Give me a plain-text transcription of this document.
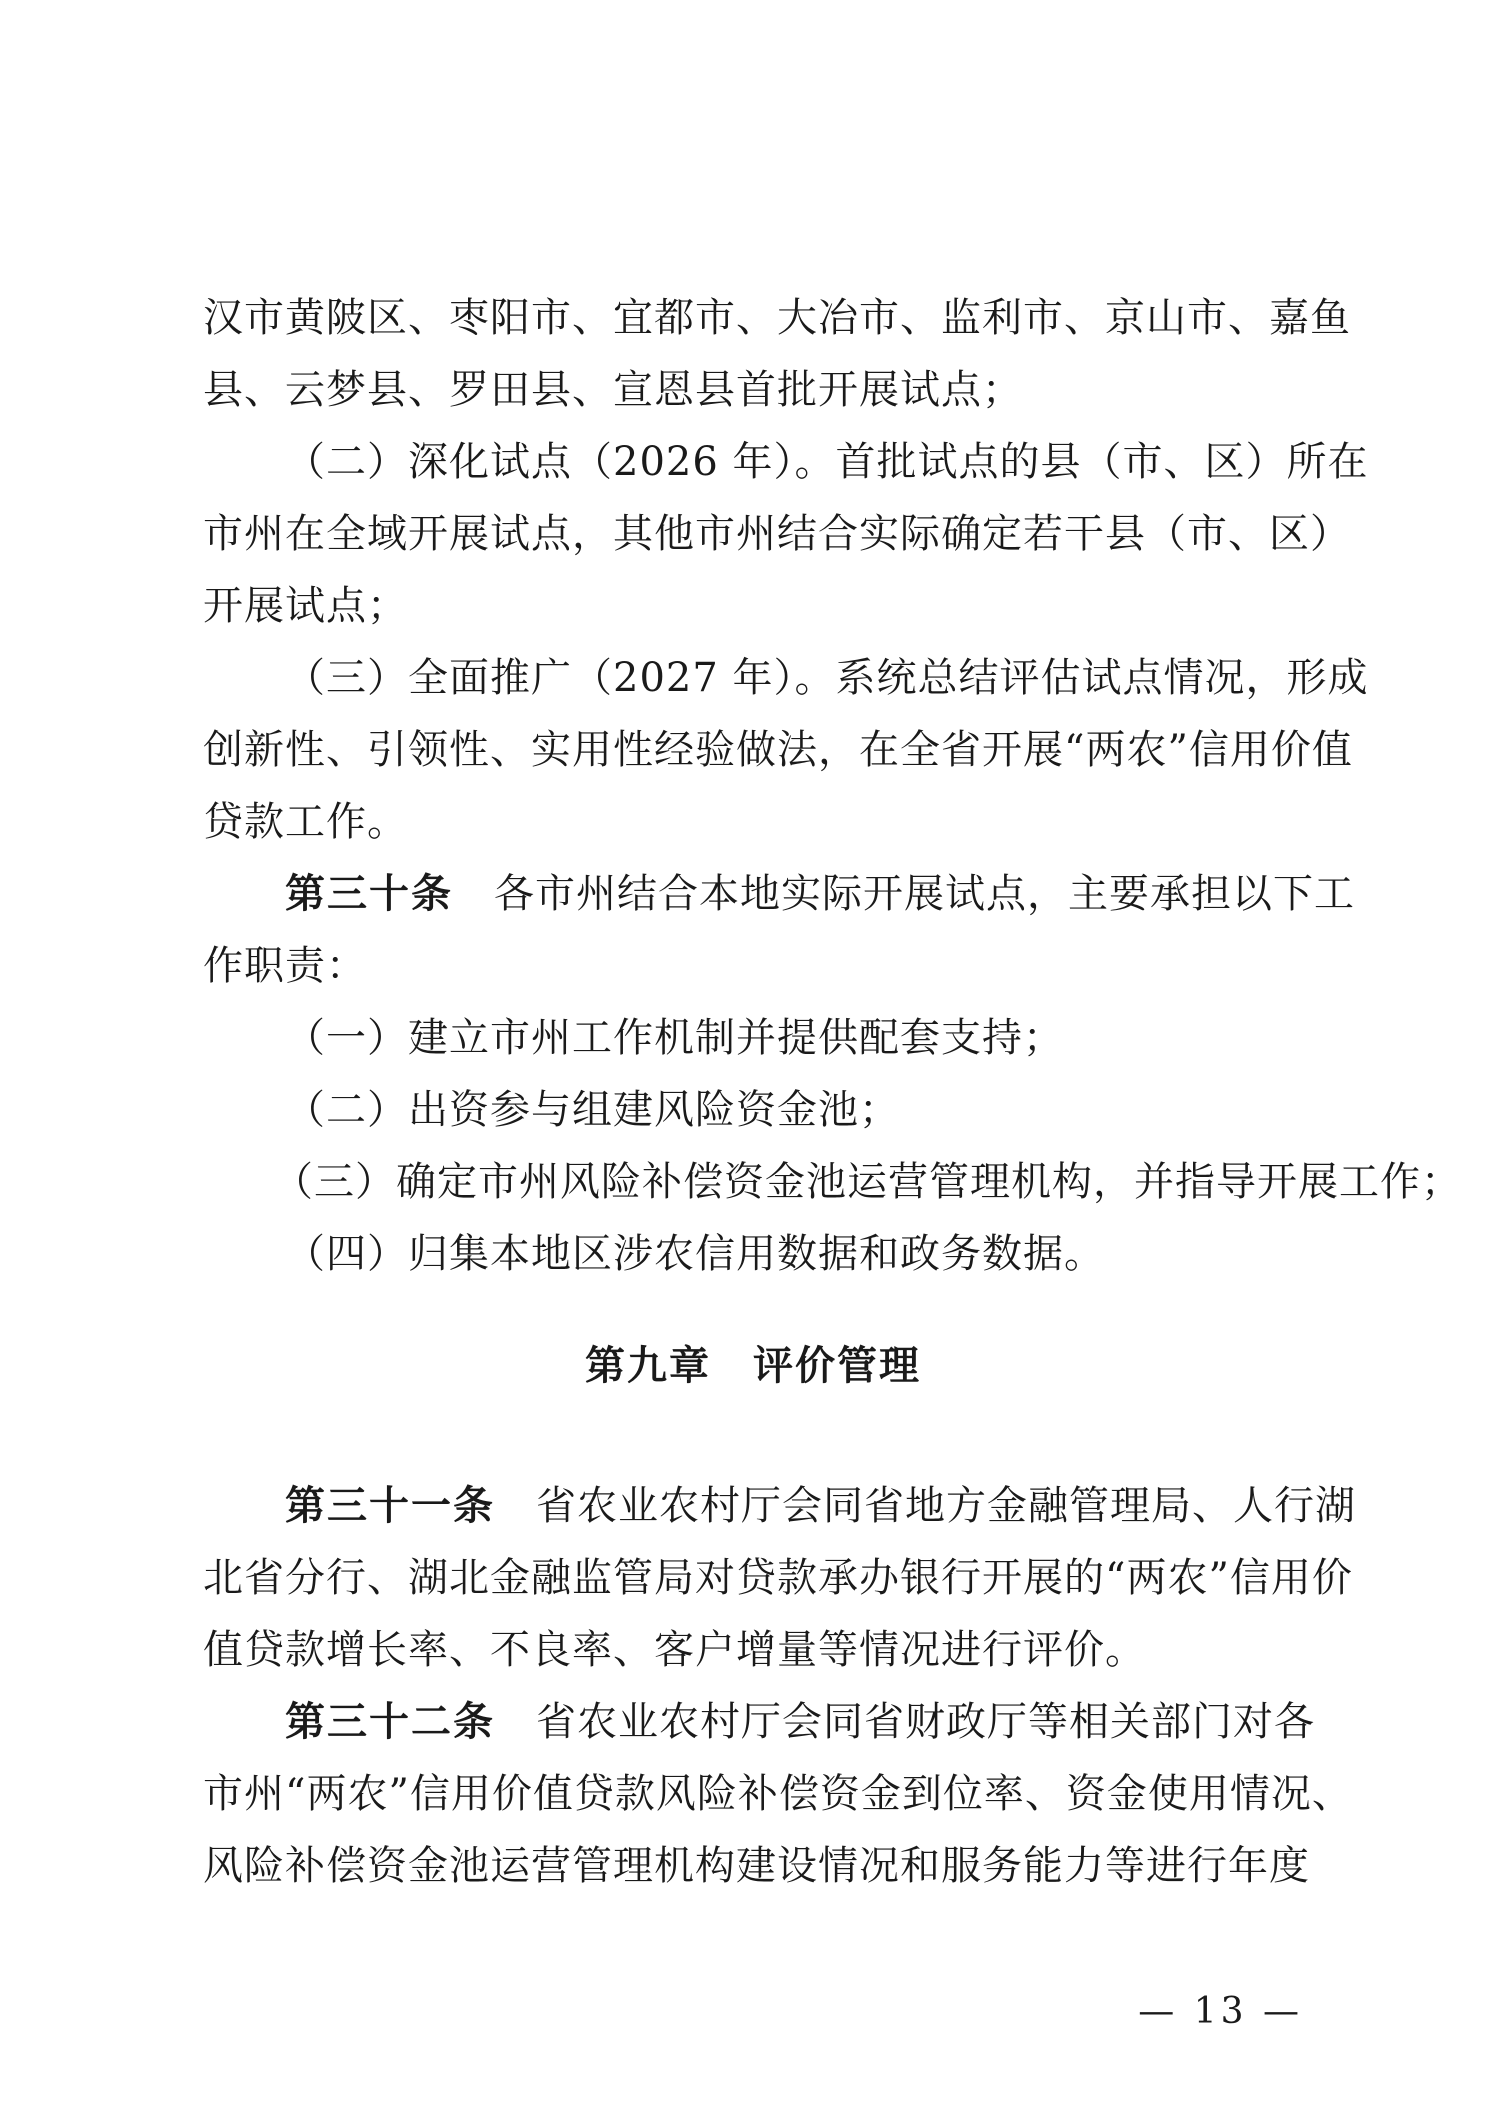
汉市黄陂区、枣阳市、宜都市、大冶市、监利市、京山市、嘉鱼
县、云梦县、罗田县、宣恩县首批开展试点；
（二）深化试点（2026 年）。首批试点的县（市、区）所在
市州在全域开展试点，其他市州结合实际确定若干县（市、区）
开展试点；
（三）全面推广（2027 年）。系统总结评估试点情况，形成
创新性、引领性、实用性经验做法，在全省开展“两农”信用价值
贷款工作。
第三十条　 各市州结合本地实际开展试点，主要承担以下工
作职责：
（一）建立市州工作机制并提供配套支持；
（二）出资参与组建风险资金池；
（三）确定市州风险补偿资金池运营管理机构，并指导开展工作；
（四）归集本地区涉农信用数据和政务数据。
第九章　评价管理
第三十一条　 省农业农村厅会同省地方金融管理局、人行湖
北省分行、湖北金融监管局对贷款承办银行开展的“两农”信用价
值贷款增长率、不良率、客户增量等情况进行评价。
第三十二条　 省农业农村厅会同省财政厅等相关部门对各
市州“两农”信用价值贷款风险补偿资金到位率、资金使用情况、
风险补偿资金池运营管理机构建设情况和服务能力等进行年度
— 13 —
